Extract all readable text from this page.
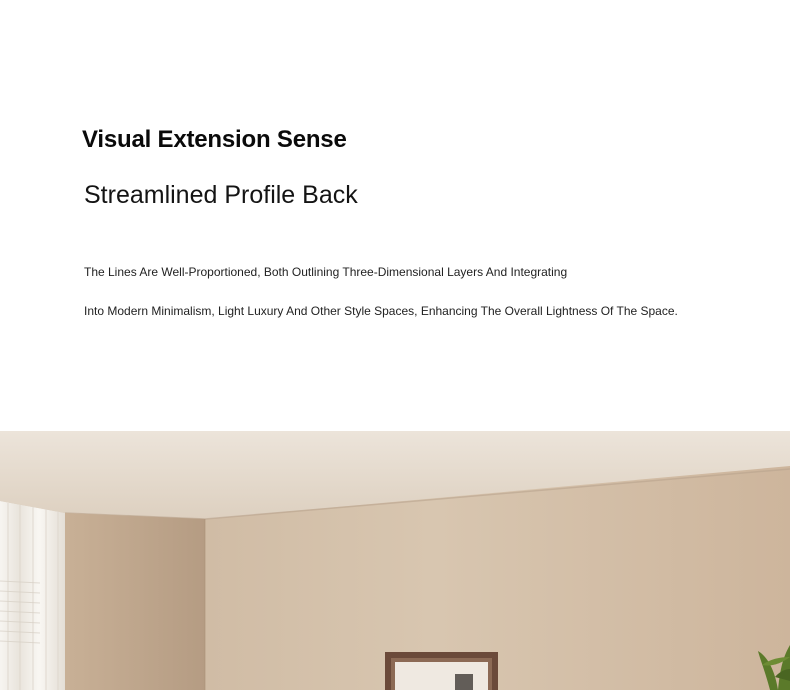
Visual Extension Sense
Streamlined Profile Back

The Lines Are Well-Proportioned, Both Outlining Three-Dimensional Layers And Integrating

Into Modern Minimalism, Light Luxury And Other Style Spaces, Enhancing The Overall Lightness Of The Space.
